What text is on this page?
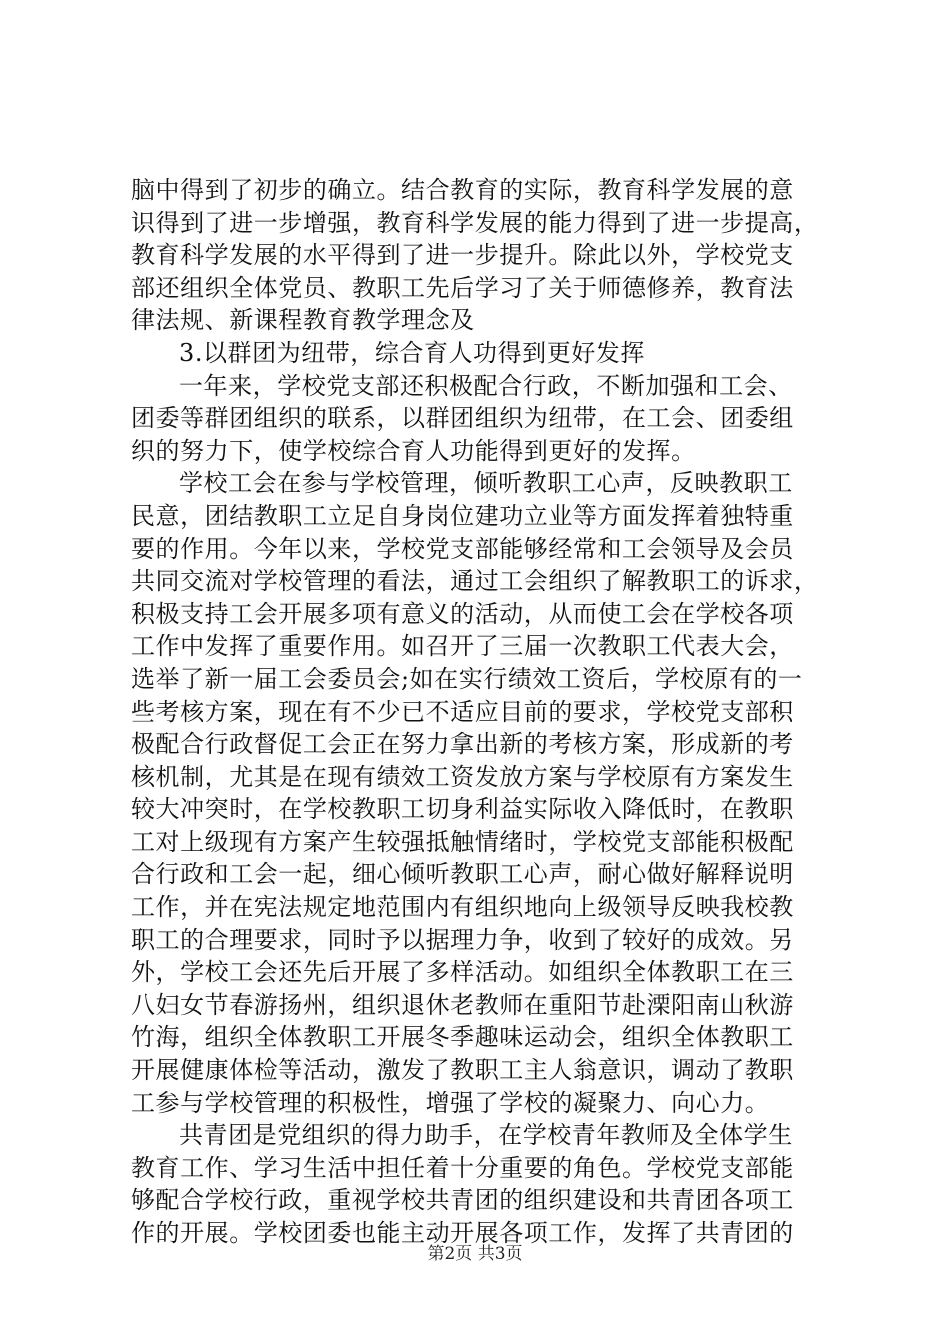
脑中得到了初步的确立。结合教育的实际，教育科学发展的意
识得到了进一步增强，教育科学发展的能力得到了进一步提高，
教育科学发展的水平得到了进一步提升。除此以外，学校党支
部还组织全体党员、教职工先后学习了关于师德修养，教育法
律法规、新课程教育教学理念及
3.以群团为纽带，综合育人功得到更好发挥
一年来，学校党支部还积极配合行政，不断加强和工会、
团委等群团组织的联系，以群团组织为纽带，在工会、团委组
织的努力下，使学校综合育人功能得到更好的发挥。
学校工会在参与学校管理，倾听教职工心声，反映教职工
民意，团结教职工立足自身岗位建功立业等方面发挥着独特重
要的作用。今年以来，学校党支部能够经常和工会领导及会员
共同交流对学校管理的看法，通过工会组织了解教职工的诉求，
积极支持工会开展多项有意义的活动，从而使工会在学校各项
工作中发挥了重要作用。如召开了三届一次教职工代表大会，
选举了新一届工会委员会;如在实行绩效工资后，学校原有的一
些考核方案，现在有不少已不适应目前的要求，学校党支部积
极配合行政督促工会正在努力拿出新的考核方案，形成新的考
核机制，尤其是在现有绩效工资发放方案与学校原有方案发生
较大冲突时，在学校教职工切身利益实际收入降低时，在教职
工对上级现有方案产生较强抵触情绪时，学校党支部能积极配
合行政和工会一起，细心倾听教职工心声，耐心做好解释说明
工作，并在宪法规定地范围内有组织地向上级领导反映我校教
职工的合理要求，同时予以据理力争，收到了较好的成效。另
外，学校工会还先后开展了多样活动。如组织全体教职工在三
八妇女节春游扬州，组织退休老教师在重阳节赴溧阳南山秋游
竹海，组织全体教职工开展冬季趣味运动会，组织全体教职工
开展健康体检等活动，激发了教职工主人翁意识，调动了教职
工参与学校管理的积极性，增强了学校的凝聚力、向心力。
共青团是党组织的得力助手，在学校青年教师及全体学生
教育工作、学习生活中担任着十分重要的角色。学校党支部能
够配合学校行政，重视学校共青团的组织建设和共青团各项工
作的开展。学校团委也能主动开展各项工作，发挥了共青团的
第2页 共3页
